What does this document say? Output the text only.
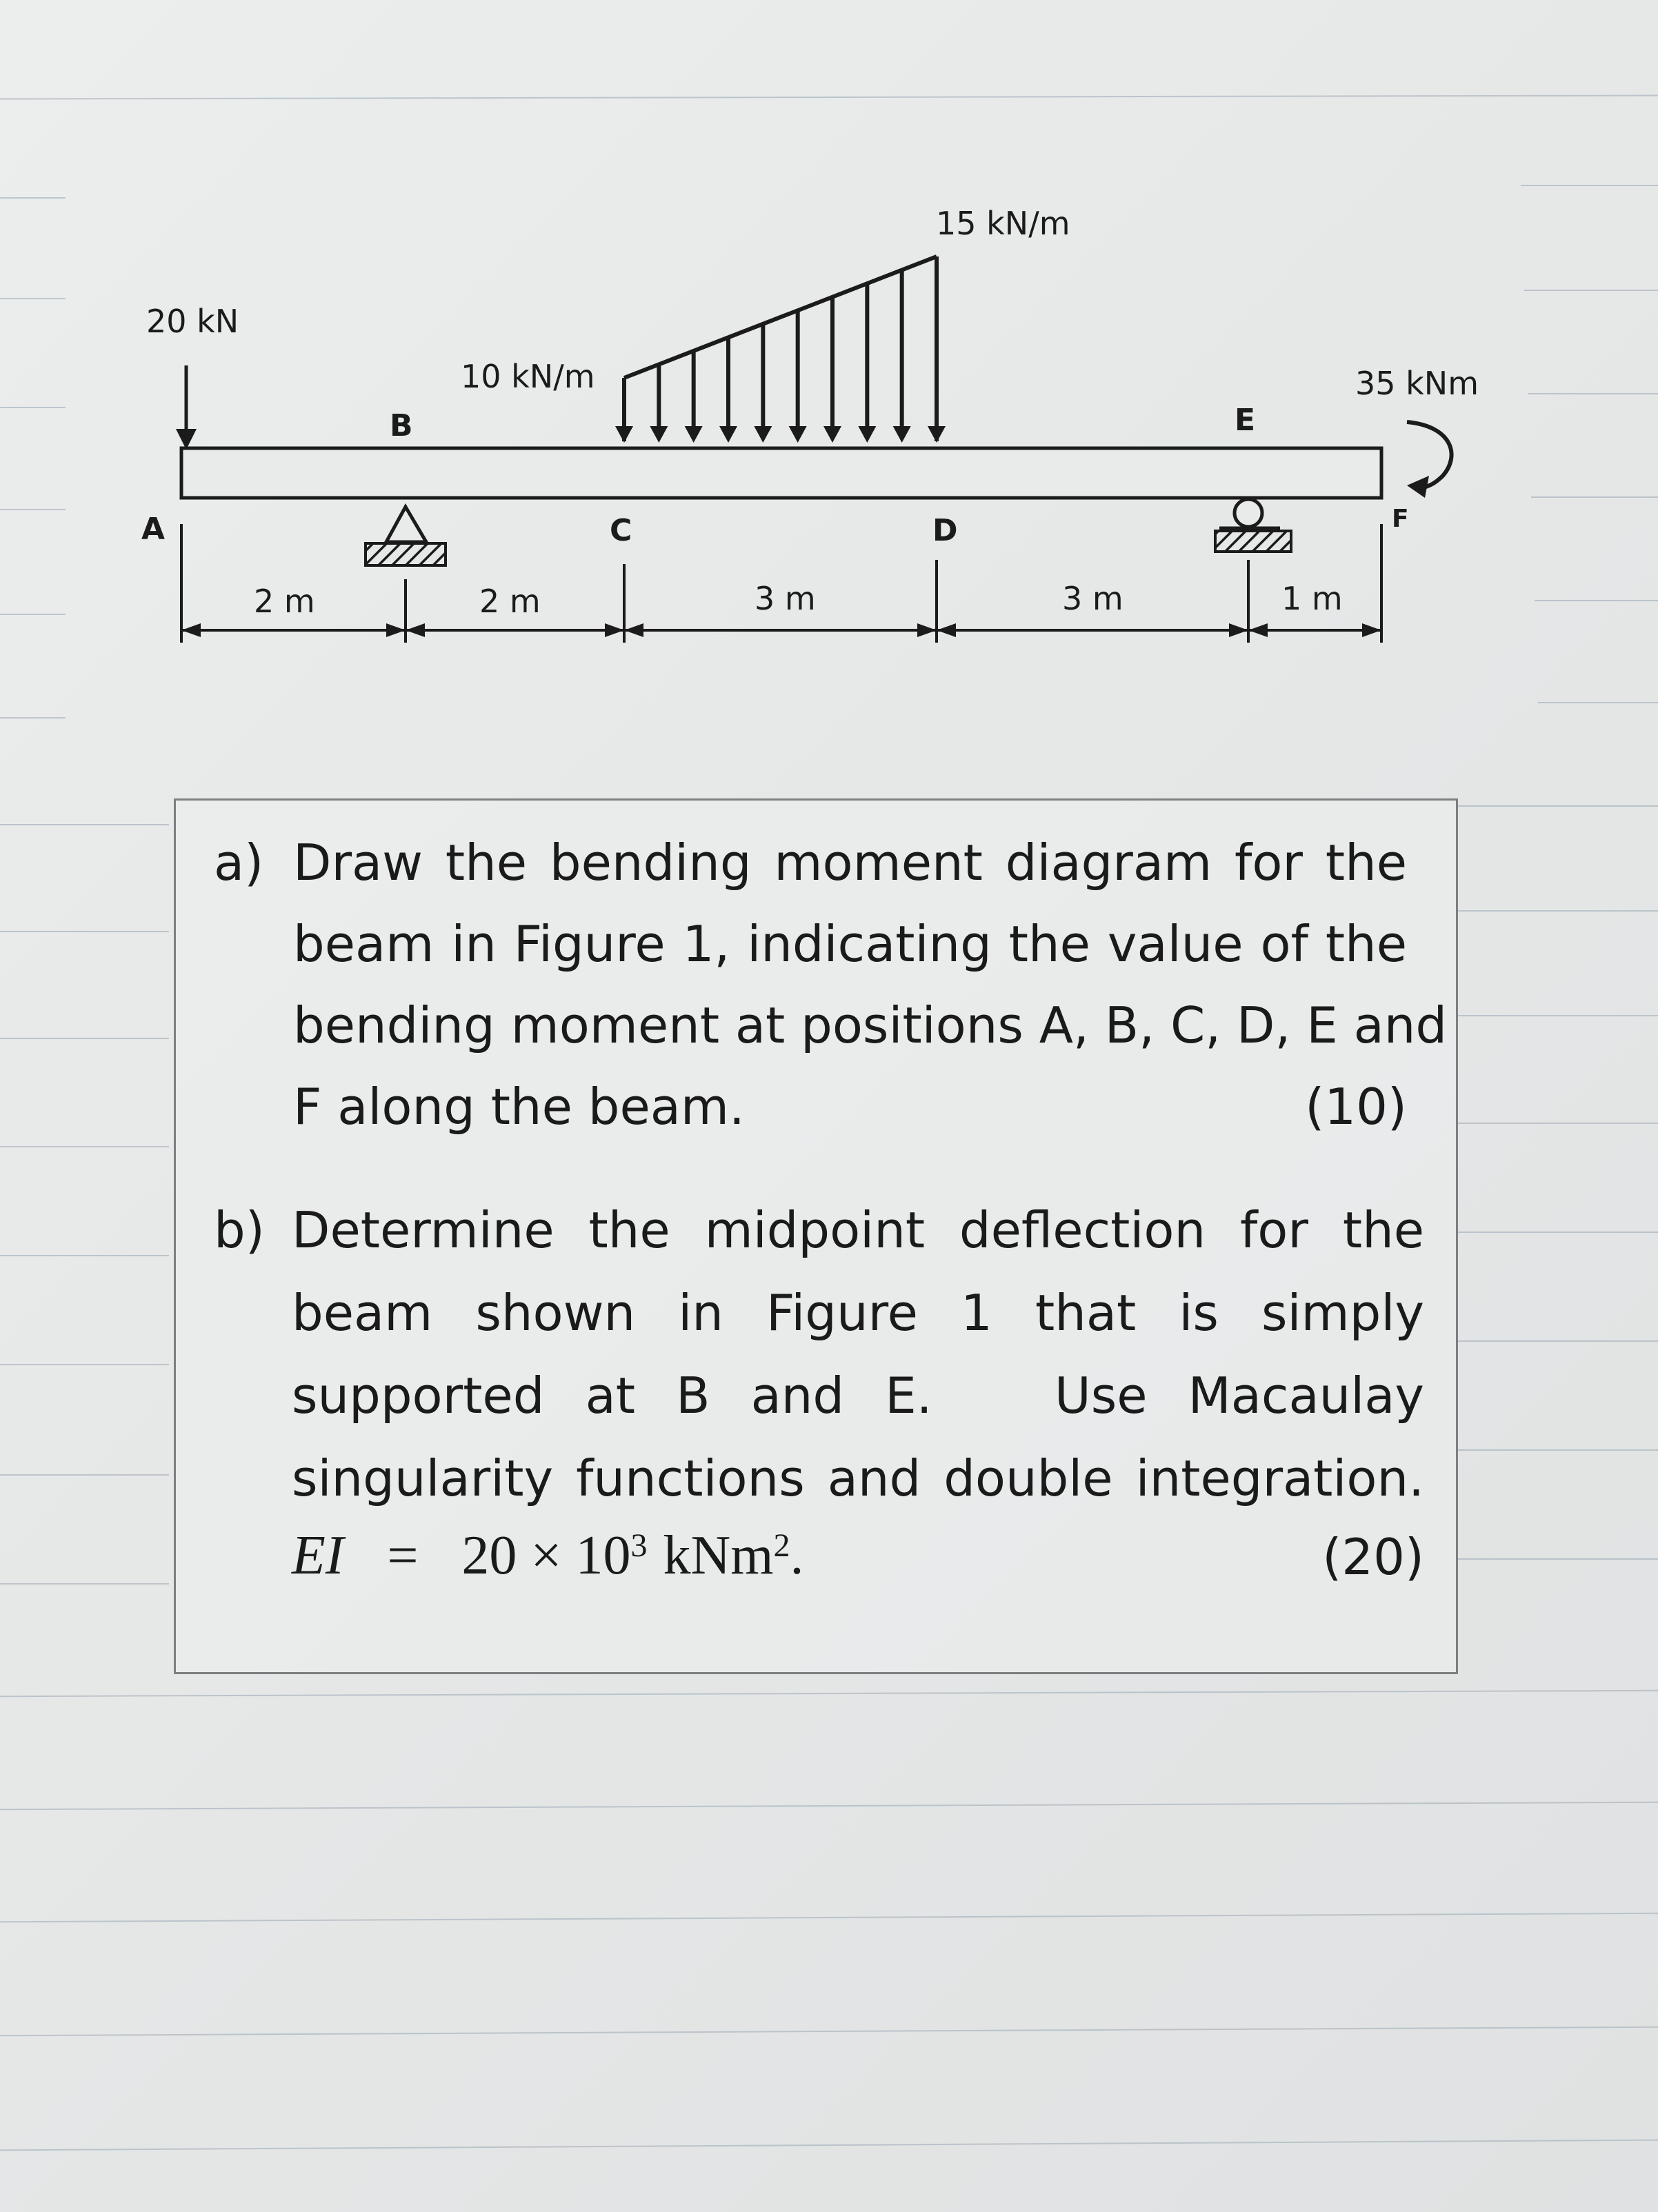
20 kN
10 kN/m
15 kN/m
35 kNm
A
B
C	D
E
F
2 m	2 m	3 m	3 m	1 m
a) Draw the bending moment diagram for the
beam in Figure 1, indicating the value of the
bending moment at positions A, B, C, D, E and
F along the beam.	(10)
b) Determine the midpoint deflection for the
beam shown in Figure 1 that is simply
supported at B and E.   Use Macaulay
singularity functions and double integration.
EI = $20 \times 10^3$ kNm$^2$.	(20)
